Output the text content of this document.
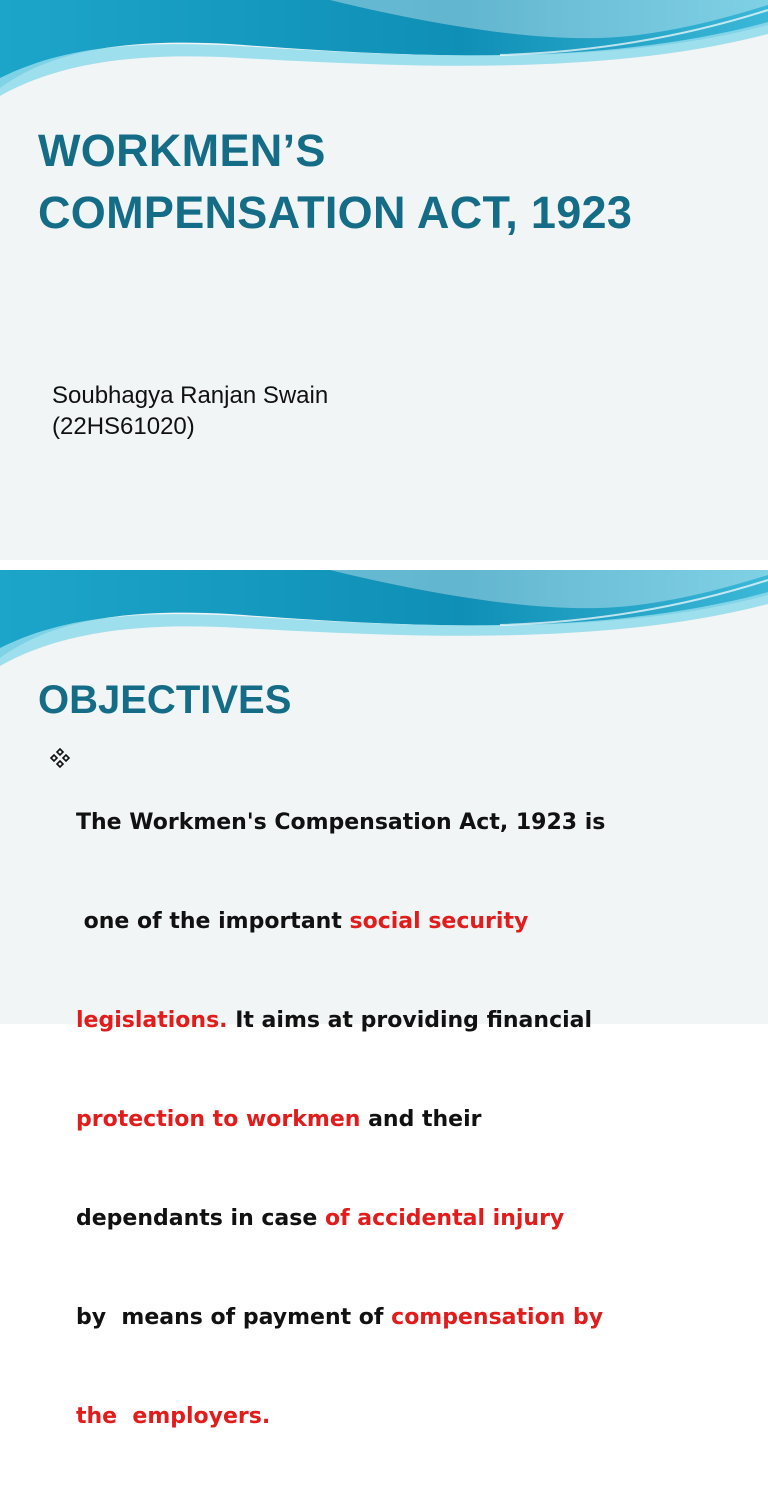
WORKMEN’S
COMPENSATION ACT, 1923
Soubhagya Ranjan Swain
(22HS61020)
OBJECTIVES

The Workmen's Compensation Act, 1923 is

one of the important social security

legislations. It aims at providing financial

protection to workmen and their

dependants in case of accidental injury

by  means of payment of compensation by

the  employers.
